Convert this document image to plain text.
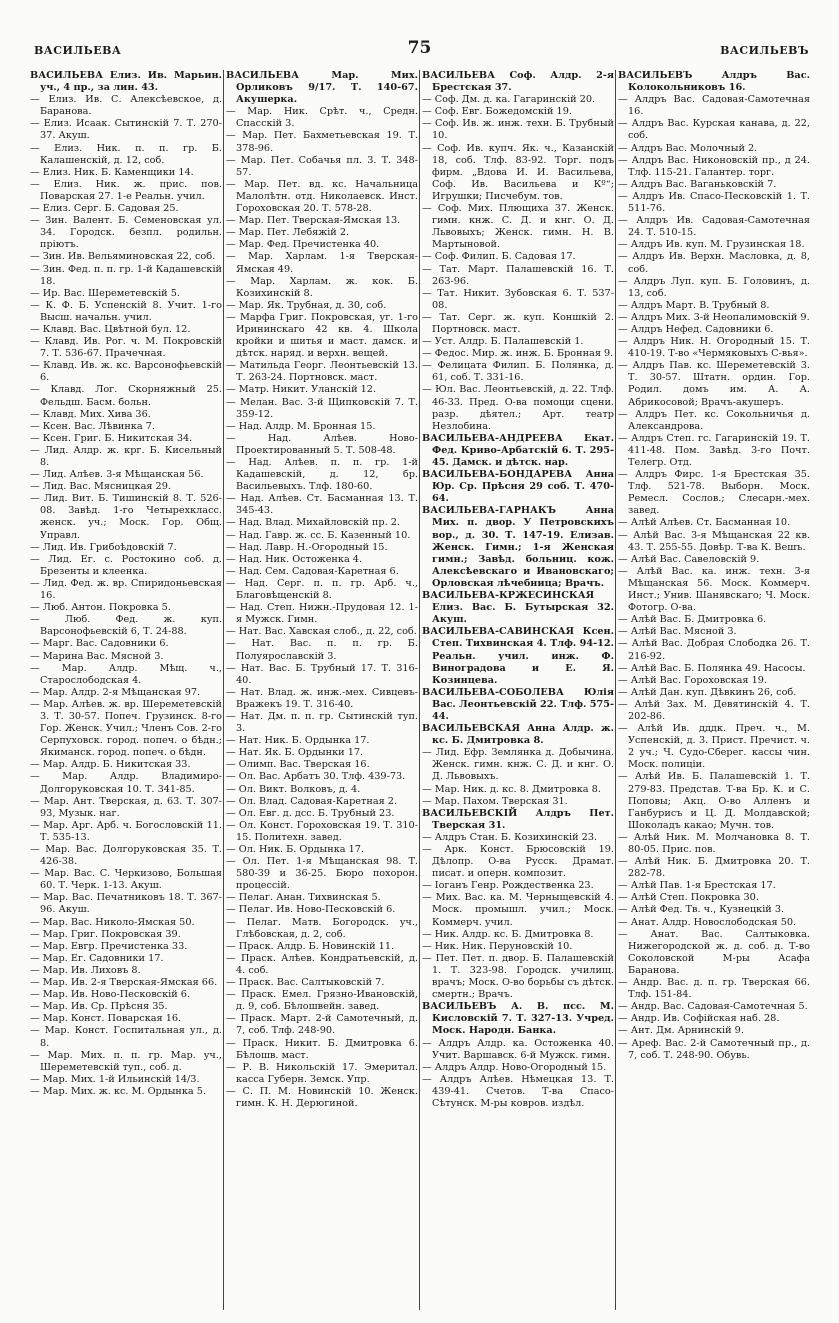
ВАСИЛЬЕВА	75	ВАСИЛЬЕВЪ

ВАСИЛЬЕВА Елиз. Ив. Марьин. уч., 4 пр., за лин. 43.

— Елиз. Ив. С. Алексѣевское, д. Баранова.

— Елиз. Исаак. Сытинскій 7. Т. 270-37. Акуш.

— Елиз. Ник. п. п. гр. Б. Калашенскій, д. 12, соб.

— Елиз. Ник. Б. Каменщики 14.

— Елиз. Ник. ж. прис. пов. Поварская 27. 1-е Реальн. учил.

— Елиз. Серг. Б. Садовая 25.

— Зин. Валент. Б. Семеновская ул. 34. Городск. безпл. родильн. пріютъ.

— Зин. Ив. Вельяминовская 22, соб.

— Зин. Фед. п. п. гр. 1-й Кадашевскій 18.

— Ир. Вас. Шереметевскій 5.

— К. Ф. Б. Успенскій 8. Учит. 1-го Высш. начальн. учил.

— Клавд. Вас. Цвѣтной бул. 12.

— Клавд. Ив. Рог. ч. М. Покровскій 7. Т. 536-67. Прачечная.

— Клавд. Ив. ж. кс. Варсонофьевскій 6.

— Клавд. Лог. Скорняжный 25. Фельдш. Басм. больн.

— Клавд. Мих. Хива 36.

— Ксен. Вас. Лѣвинка 7.

— Ксен. Григ. Б. Никитская 34.

— Лид. Алдр. ж. крг. Б. Кисельный 8.

— Лид. Алѣев. 3-я Мѣщанская 56.

— Лид. Вас. Мясницкая 29.

— Лид. Вит. Б. Тишинскій 8. Т. 526-08. Завѣд. 1-го Четырехкласс. женск. уч.; Моск. Гор. Общ. Управл.

— Лид. Ив. Грибоѣдовскій 7.

— Лид. Ег. с. Ростокино соб. д. Брезенты и клеенка.

— Лид. Фед. ж. вр. Спиридоньевская 16.

— Люб. Антон. Покровка 5.

— Люб. Фед. ж. куп. Варсонофьевскій 6, Т. 24-88.

— Марг. Вас. Садовники 6.

— Марина Вас. Мясной 3.

— Мар. Алдр. Мѣщ. ч., Старослободская 4.

— Мар. Алдр. 2-я Мѣщанская 97.

— Мар. Алѣев. ж. вр. Шереметевскій 3. Т. 30-57. Попеч. Грузинск. 8-го Гор. Женск. Учил.; Членъ Сов. 2-го Серпуховск. город. попеч. о бѣдн.; Якиманск. город. попеч. о бѣдн.

— Мар. Алдр. Б. Никитская 33.

— Мар. Алдр. Владимиро-Долгоруковская 10. Т. 341-85.

— Мар. Ант. Тверская, д. 63. Т. 307-93, Музык. наг.

— Мар. Арг. Арб. ч. Богословскій 11. Т. 535-13.

— Мар. Вас. Долгоруковская 35. Т. 426-38.

— Мар. Вас. С. Черкизово, Большая 60. Т. Черк. 1-13. Акуш.

— Мар. Вас. Печатниковъ 18. Т. 367-96. Акуш.

— Мар. Вас. Николо-Ямская 50.

— Мар. Григ. Покровская 39.

— Мар. Евгр. Пречистенка 33.

— Мар. Ег. Садовники 17.

— Мар. Ив. Лиховъ 8.

— Мар. Ив. 2-я Тверская-Ямская 66.

— Мар. Ив. Ново-Песковскій 6.

— Мар. Ив. Ср. Прѣсня 35.

— Мар. Конст. Поварская 16.

— Мар. Конст. Госпитальная ул., д. 8.

— Мар. Мих. п. п. гр. Мар. уч., Шереметевскій туп., соб. д.

— Мар. Мих. 1-й Ильинскій 14/3.

— Мар. Мих. ж. кс. М. Ордынка 5.

ВАСИЛЬЕВА Мар. Мих. Орликовъ 9/17. Т. 140-67. Акушерка.

— Мар. Ник. Срѣт. ч., Средн. Спасскій 3.

— Мар. Пет. Бахметьевская 19. Т. 378-96.

— Мар. Пет. Собачья пл. 3. Т. 348-57.

— Мар. Пет. вд. кс. Начальница Малолѣтн. отд. Николаевск. Инст. Гороховская 20. Т. 578-28.

— Мар. Пет. Тверская-Ямская 13.

— Мар. Пет. Лебяжій 2.

— Мар. Фед. Пречистенка 40.

— Мар. Харлам. 1-я Тверская-Ямская 49.

— Мар. Харлам. ж. кок. Б. Козихинскій 8.

— Мар. Як. Трубная, д. 30, соб.

— Марфа Григ. Покровская, уг. 1-го Ирининскаго 42 кв. 4. Школа кройки и шитья и маст. дамск. и дѣтск. наряд. и верхн. вещей.

— Матильда Георг. Леонтьевскій 13. Т. 263-24. Портновск. маст.

— Матр. Никит. Уланскій 12.

— Мелан. Вас. 3-й Щипковскій 7. Т. 359-12.

— Над. Алдр. М. Бронная 15.

— Над. Алѣев. Ново-Проектированный 5. Т. 508-48.

— Над. Алѣев. п. п. гр. 1-й Кадашевскій, д. 12, бр. Васильевыхъ. Тлф. 180-60.

— Над. Алѣев. Ст. Басманная 13. Т. 345-43.

— Над. Влад. Михайловскій пр. 2.

— Над. Гавр. ж. сс. Б. Казенный 10.

— Над. Лавр. Н.-Огородный 15.

— Над. Ник. Остоженка 4.

— Над. Сем. Садовая-Каретная 6.

— Над. Серг. п. п. гр. Арб. ч., Благовѣщенскій 8.

— Над. Степ. Нижн.-Прудовая 12. 1-я Мужск. Гимн.

— Нат. Вас. Хавская слоб., д. 22, соб.

— Нат. Вас. п. п. гр. Б. Полуярославскій 3.

— Нат. Вас. Б. Трубный 17. Т. 316-40.

— Нат. Влад. ж. инж.-мех. Сивцевъ-Вражекъ 19. Т. 316-40.

— Нат. Дм. п. п. гр. Сытинскій туп. 3.

— Нат. Ник. Б. Ордынка 17.

— Нат. Як. Б. Ордынки 17.

— Олимп. Вас. Тверская 16.

— Ол. Вас. Арбатъ 30. Тлф. 439-73.

— Ол. Викт. Волковъ, д. 4.

— Ол. Влад. Садовая-Каретная 2.

— Ол. Евг. д. дсс. Б. Трубный 23.

— Ол. Конст. Гороховская 19. Т. 310-15. Политехн. завед.

— Ол. Ник. Б. Ордынка 17.

— Ол. Пет. 1-я Мѣщанская 98. Т. 580-39 и 36-25. Бюро похорон. процессій.

— Пелаг. Анан. Тихвинская 5.

— Пелаг. Ив. Ново-Песковскій 6.

— Пелаг. Матв. Богородск. уч., Глѣбовская, д. 2, соб.

— Праск. Алдр. Б. Новинскій 11.

— Праск. Алѣев. Кондратьевскій, д. 4. соб.

— Праск. Вас. Салтыковскій 7.

— Праск. Емел. Грязно-Ивановскій, д. 9, соб. Бѣлошвейн. завед.

— Праск. Март. 2-й Самотечный, д. 7, соб. Тлф. 248-90.

— Праск. Никит. Б. Дмитровка 6. Бѣлошв. маст.

— Р. В. Никольскій 17. Эмеритал. касса Губерн. Земск. Упр.

— С. П. М. Новинскій 10. Женск. гимн. К. Н. Дерюгиной.

ВАСИЛЬЕВА Соф. Алдр. 2-я Брестская 37.

— Соф. Дм. д. ка. Гагаринскій 20.

— Соф. Евг. Божедомскій 19.

— Соф. Ив. ж. инж. техн. Б. Трубный 10.

— Соф. Ив. купч. Як. ч., Казанскій 18, соб. Тлф. 83-92. Торг. подъ фирм. „Вдова И. И. Васильева, Соф. Ив. Васильева и Кº“; Игрушки; Писчебум. тов.

— Соф. Мих. Плющиха 37. Женск. гимн. кнж. С. Д. и кнг. О. Д. Львовыхъ; Женск. гимн. Н. В. Мартыновой.

— Соф. Филип. Б. Садовая 17.

— Тат. Март. Палашевскій 16. Т. 263-96.

— Тат. Никит. Зубовская 6. Т. 537-08.

— Тат. Серг. ж. куп. Коншкій 2. Портновск. маст.

— Уст. Алдр. Б. Палашевскій 1.

— Федос. Мир. ж. инж. Б. Бронная 9.

— Фелицата Филип. Б. Полянка, д. 61, соб. Т. 331-16.

— Юл. Вас. Леонтьевскій, д. 22. Тлф. 46-33. Пред. О-ва помощи сцени. разр. дѣятел.; Арт. театр Незлобина.

ВАСИЛЬЕВА-АНДРЕЕВА Екат. Фед. Криво-Арбатскій 6. Т. 295-45. Дамск. и дѣтск. нар.

ВАСИЛЬЕВА-БОНДАРЕВА Анна Юр. Ср. Прѣсня 29 соб. Т. 470-64.

ВАСИЛЬЕВА-ГАРНАКЪ Анна Мих. п. двор. У Петровскихъ вор., д. 30. Т. 147-19. Елизав. Женск. Гимн.; 1-я Женская гимн.; Завѣд. больниц. кож. Алексѣевскаго и Ивановскаго; Орловская лѣчебница; Врачъ.

ВАСИЛЬЕВА-КРЖЕСИНСКАЯ Елиз. Вас. Б. Бутырская 32. Акуш.

ВАСИЛЬЕВА-САВИНСКАЯ Ксен. Степ. Тихвинская 4. Тлф. 94-12. Реальн. учил. инж. Ф. Виноградова и Е. Я. Козинцева.

ВАСИЛЬЕВА-СОБОЛЕВА Юлія Вас. Леонтьевскій 22. Тлф. 575-44.

ВАСИЛЬЕВСКАЯ Анна Алдр. ж. кс. Б. Дмитровка 8.

— Лид. Ефр. Землянка д. Добычина. Женск. гимн. кнж. С. Д. и кнг. О. Д. Львовыхъ.

— Мар. Ник. д. кс. 8. Дмитровка 8.

— Мар. Пахом. Тверская 31.

ВАСИЛЬЕВСКІЙ Алдръ Пет. Тверская 31.

— Алдръ Стан. Б. Козихинскій 23.

— Арк. Конст. Брюсовскій 19. Дѣлопр. О-ва Русск. Драмат. писат. и оперн. композит.

— Іоганъ Генр. Рождественка 23.

— Мих. Вас. ка. М. Черныщевскій 4. Моск. промышл. учил.; Моск. Коммерч. учил.

— Ник. Алдр. кс. Б. Дмитровка 8.

— Ник. Ник. Перуновскій 10.

— Пет. Пет. п. двор. Б. Палашевскій 1. Т. 323-98. Городск. училищ. врачъ; Моск. О-во борьбы съ дѣтск. смертн.; Врачъ.

ВАСИЛЬЕВЪ А. В. псс. М. Кисловскій 7. Т. 327-13. Учред. Моск. Народн. Банка.

— Алдръ Алдр. ка. Остоженка 40. Учит. Варшавск. 6-й Мужск. гимн.

— Алдръ Алдр. Ново-Огородный 15.

— Алдръ Алѣев. Нѣмецкая 13. Т. 439-41. Счетов. Т-ва Спасо-Сѣтунск. М-ры ковров. издѣл.

ВАСИЛЬЕВЪ Алдръ Вас. Колокольниковъ 16.

— Алдръ Вас. Садовая-Самотечная 16.

— Алдръ Вас. Курская канава, д. 22, соб.

— Алдръ Вас. Молочный 2.

— Алдръ Вас. Никоновскій пр., д 24. Тлф. 115-21. Галантер. торг.

— Алдръ Вас. Ваганьковскій 7.

— Алдръ Ив. Спасо-Песковскій 1. Т. 511-76.

— Алдръ Ив. Садовая-Самотечная 24. Т. 510-15.

— Алдръ Ив. куп. М. Грузинская 18.

— Алдръ Ив. Верхн. Масловка, д. 8, соб.

— Алдръ Луп. куп. Б. Головинъ, д. 13, соб.

— Алдръ Март. В. Трубный 8.

— Алдръ Мих. 3-й Неопалимовскій 9.

— Алдръ Нефед. Садовники 6.

— Алдръ Ник. Н. Огородный 15. Т. 410-19. Т-во «Чермяковыхъ С-вья».

— Алдръ Пав. кс. Шереметевскій 3. Т. 30-57. Штатн. ордин. Гор. Родил. домъ им. А. А. Абрикосовой; Врачъ-акушеръ.

— Алдръ Пет. кс. Сокольничья д. Александрова.

— Алдръ Степ. гс. Гагаринскій 19. Т. 411-48. Пом. Завѣд. 3-го Почт. Телегр. Отд.

— Алдръ Фирс. 1-я Брестская 35. Тлф. 521-78. Выборн. Моск. Ремесл. Сослов.; Слесарн.-мех. завед.

— Алѣй Алѣев. Ст. Басманная 10.

— Алѣй Вас. 3-я Мѣщанская 22 кв. 43. Т. 255-55. Довѣр. Т-ва К. Вешъ.

— Алѣй Вас. Савеловскій 9.

— Алѣй Вас. ка. инж. техн. 3-я Мѣщанская 56. Моск. Коммерч. Инст.; Унив. Шанявскаго; Ч. Моск. Фотогр. О-ва.

— Алѣй Вас. Б. Дмитровка 6.

— Алѣй Вас. Мясной 3.

— Алѣй Вас. Добрая Слободка 26. Т. 216-92.

— Алѣй Вас. Б. Полянка 49. Насосы.

— Алѣй Вас. Гороховская 19.

— Алѣй Дан. куп. Дѣвкинъ 26, соб.

— Алѣй Зах. М. Девятинскій 4. Т. 202-86.

— Алѣй Ив. дддк. Преч. ч., М. Успенскій, д. 3. Прист. Пречист. ч. 2 уч.; Ч. Судо-Сберег. кассы чин. Моск. полиціи.

— Алѣй Ив. Б. Палашевскій 1. Т. 279-83. Представ. Т-ва Бр. К. и С. Поповы; Акц. О-во Алленъ и Ганбурисъ и Ц. Д. Молдавской; Шоколадъ какао; Мучн. тов.

— Алѣй Ник. М. Молчановка 8. Т. 80-05. Прис. пов.

— Алѣй Ник. Б. Дмитровка 20. Т. 282-78.

— Алѣй Пав. 1-я Брестская 17.

— Алѣй Степ. Покровка 30.

— Алѣй Фед. Тв. ч., Кузнецкій 3.

— Анат. Алдр. Новослободская 50.

— Анат. Вас. Салтыковка. Нижегородской ж. д. соб. д. Т-во Соколовской М-ры Асафа Баранова.

— Андр. Вас. д. п. гр. Тверская 66. Тлф. 151-84.

— Андр. Вас. Садовая-Самотечная 5.

— Андр. Ив. Софійская наб. 28.

— Ант. Дм. Арнинскій 9.

— Ареф. Вас. 2-й Самотечный пр., д. 7, соб. Т. 248-90. Обувь.
